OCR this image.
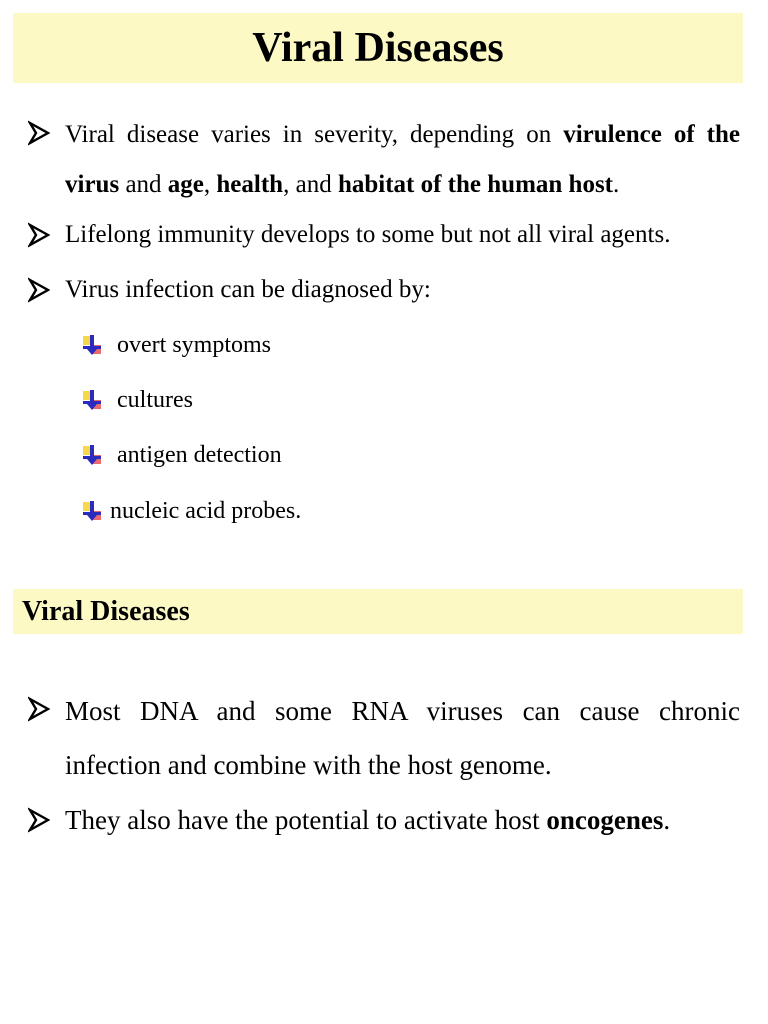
Viral Diseases
Viral disease varies in severity, depending on virulence of the virus and age, health, and habitat of the human host.
Lifelong immunity develops to some but not all viral agents.
Virus infection can be diagnosed by:
overt symptoms
cultures
antigen detection
nucleic acid probes.
Viral Diseases
Most DNA and some RNA viruses can cause chronic infection and combine with the host genome.
They also have the potential to activate host oncogenes.
